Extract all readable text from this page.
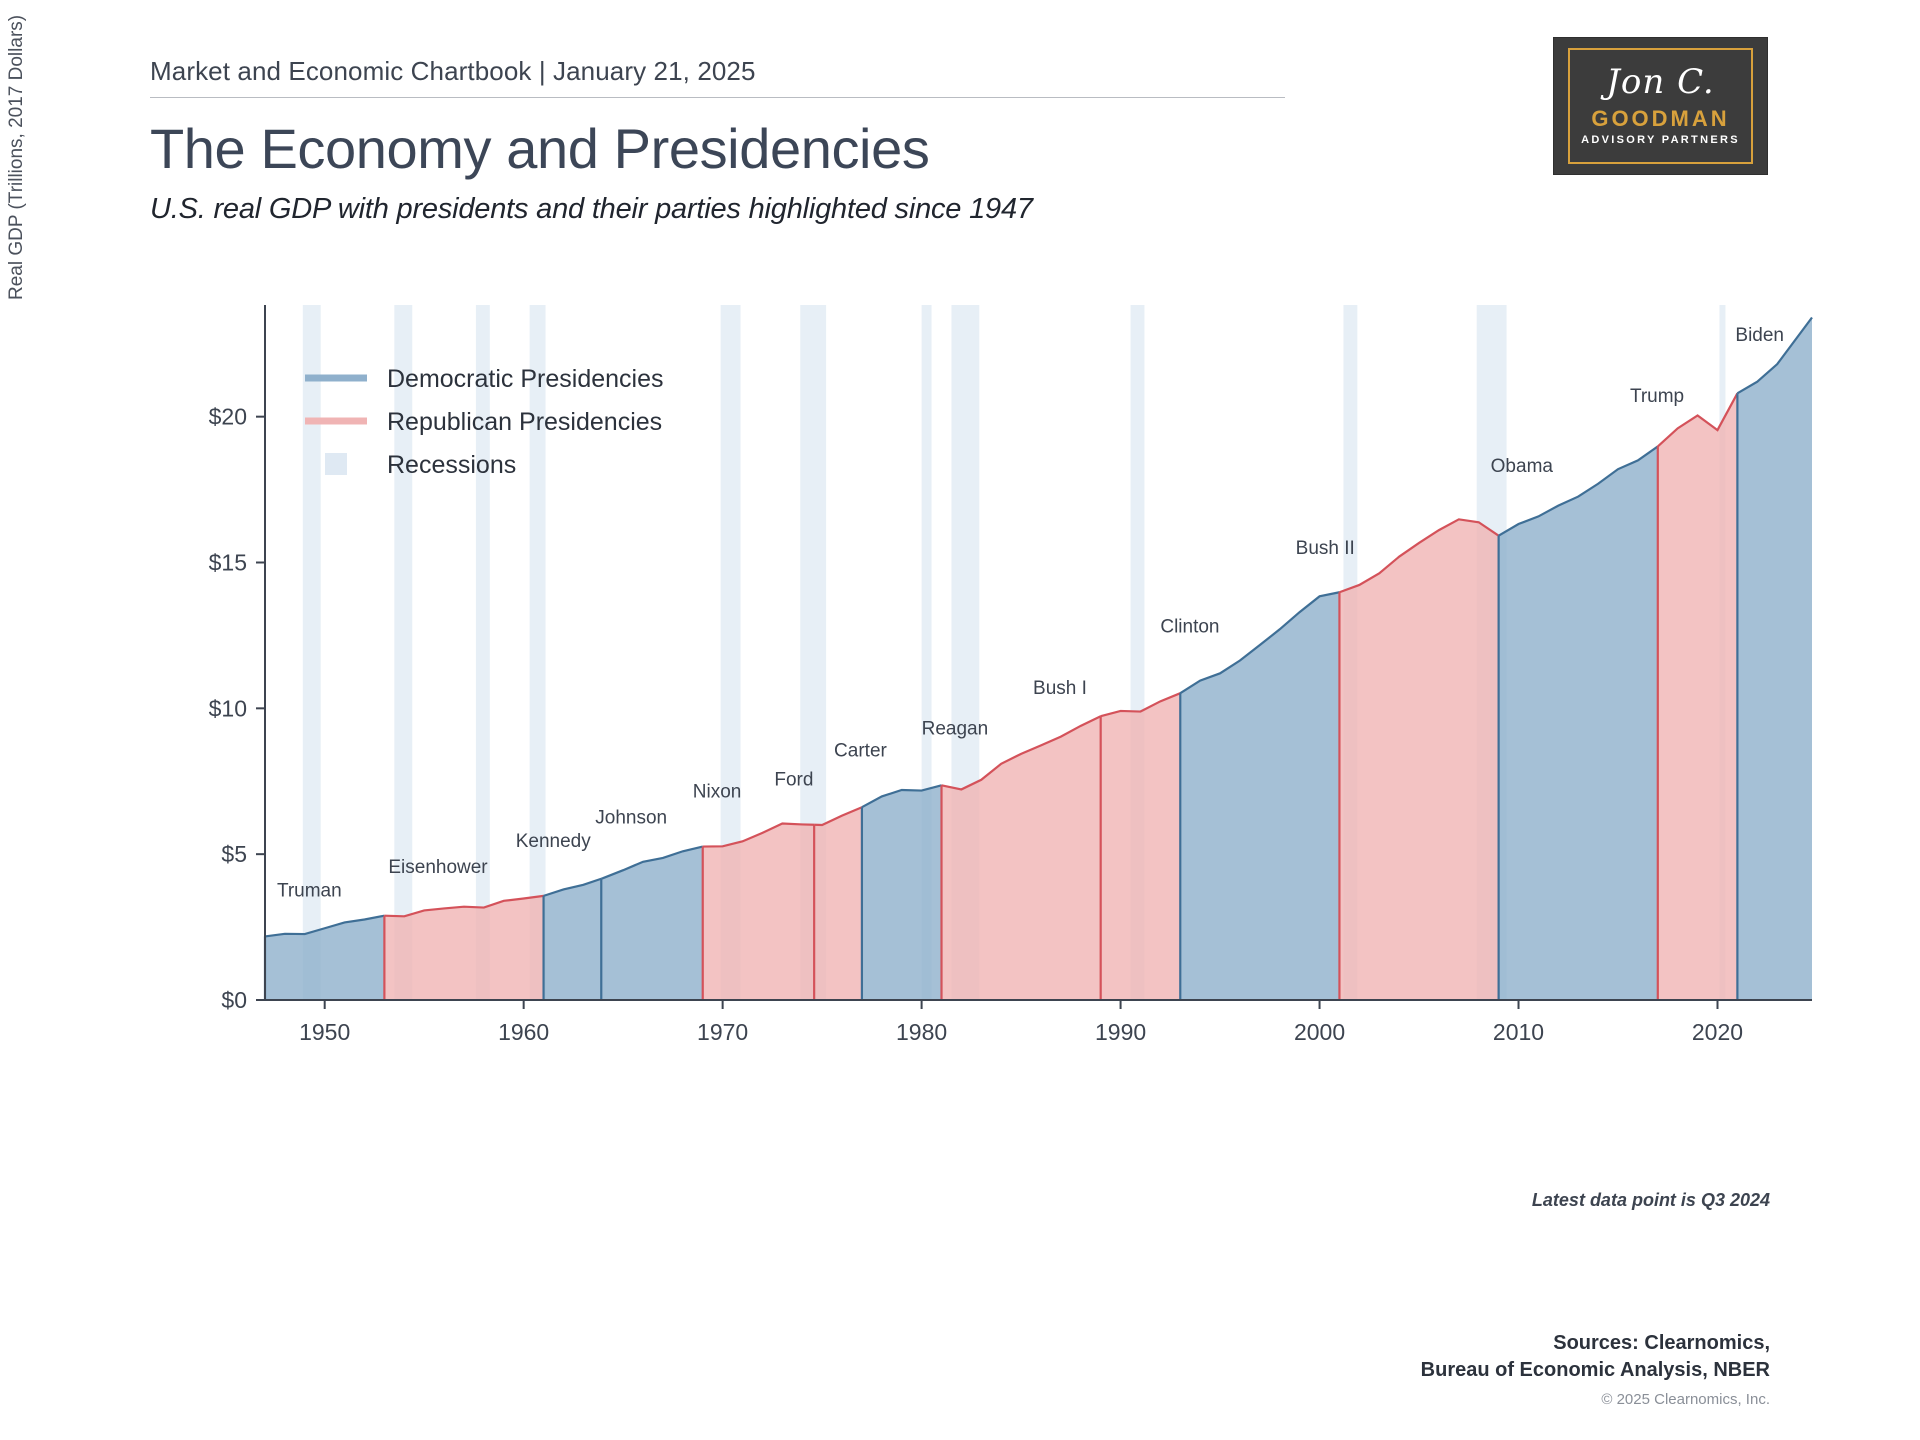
Market and Economic Chartbook | January 21, 2025
The Economy and Presidencies
U.S. real GDP with presidents and their parties highlighted since 1947
Jon C.
GOODMAN
ADVISORY PARTNERS
Real GDP (Trillions, 2017 Dollars)
$0
$5
$10
$15
$20
1950	1960	1970	1980	1990	2000	2010	2020
Truman
Eisenhower
Kennedy
Johnson
Nixon
Ford
Carter
Reagan
Bush I
Clinton
Bush II
Obama
Trump
Biden
Democratic Presidencies
Republican Presidencies
Recessions
Latest data point is Q3 2024
Sources: Clearnomics,
Bureau of Economic Analysis, NBER
© 2025 Clearnomics, Inc.
